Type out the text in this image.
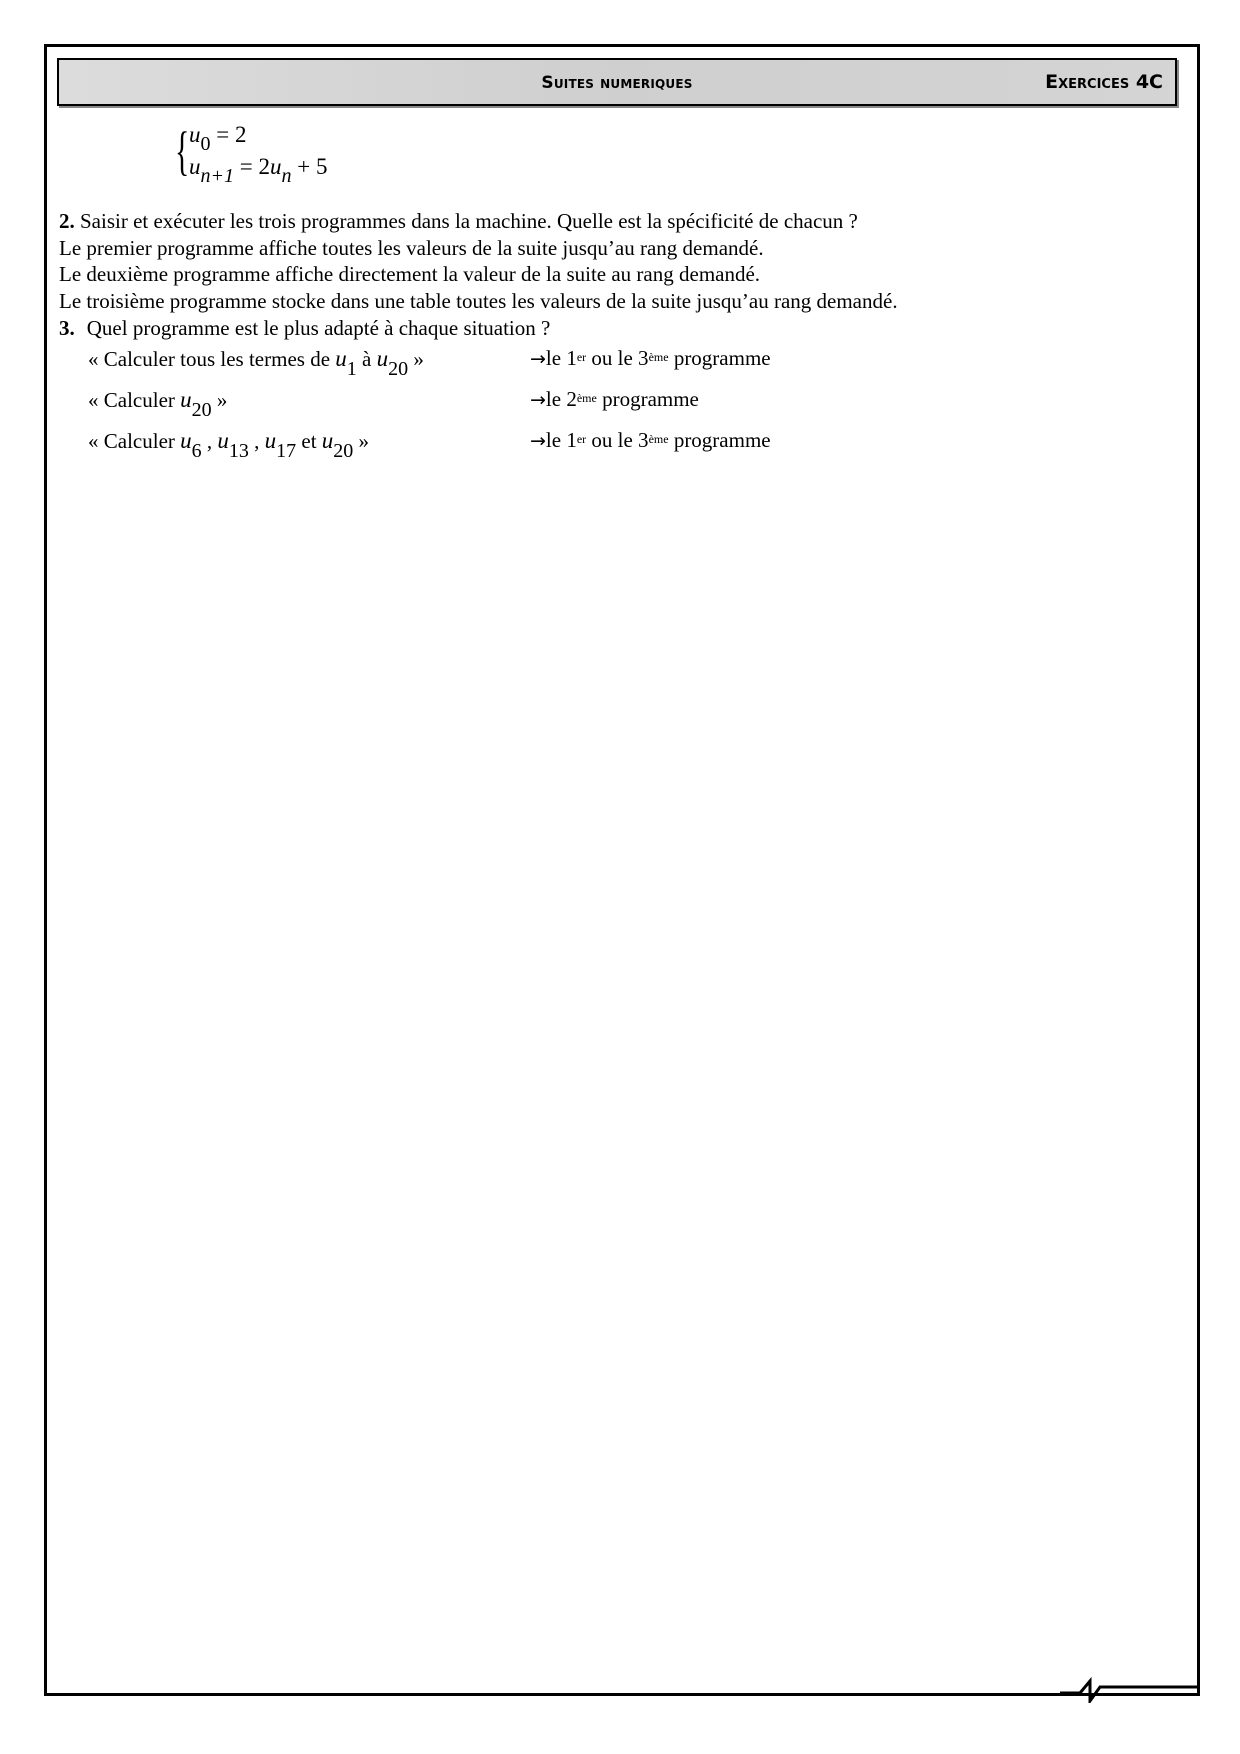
Suites numeriques	Exercices 4C
{ u0 = 2
un+1 = 2un + 5
2. Saisir et exécuter les trois programmes dans la machine. Quelle est la spécificité de chacun ?
Le premier programme affiche toutes les valeurs de la suite jusqu’au rang demandé.
Le deuxième programme affiche directement la valeur de la suite au rang demandé.
Le troisième programme stocke dans une table toutes les valeurs de la suite jusqu’au rang demandé.
3. Quel programme est le plus adapté à chaque situation ?
« Calculer tous les termes de u1 à u20 »	→le 1er ou le 3ème programme
« Calculer u20 »	→le 2ème programme
« Calculer u6 , u13 , u17 et u20 »	→le 1er ou le 3ème programme
